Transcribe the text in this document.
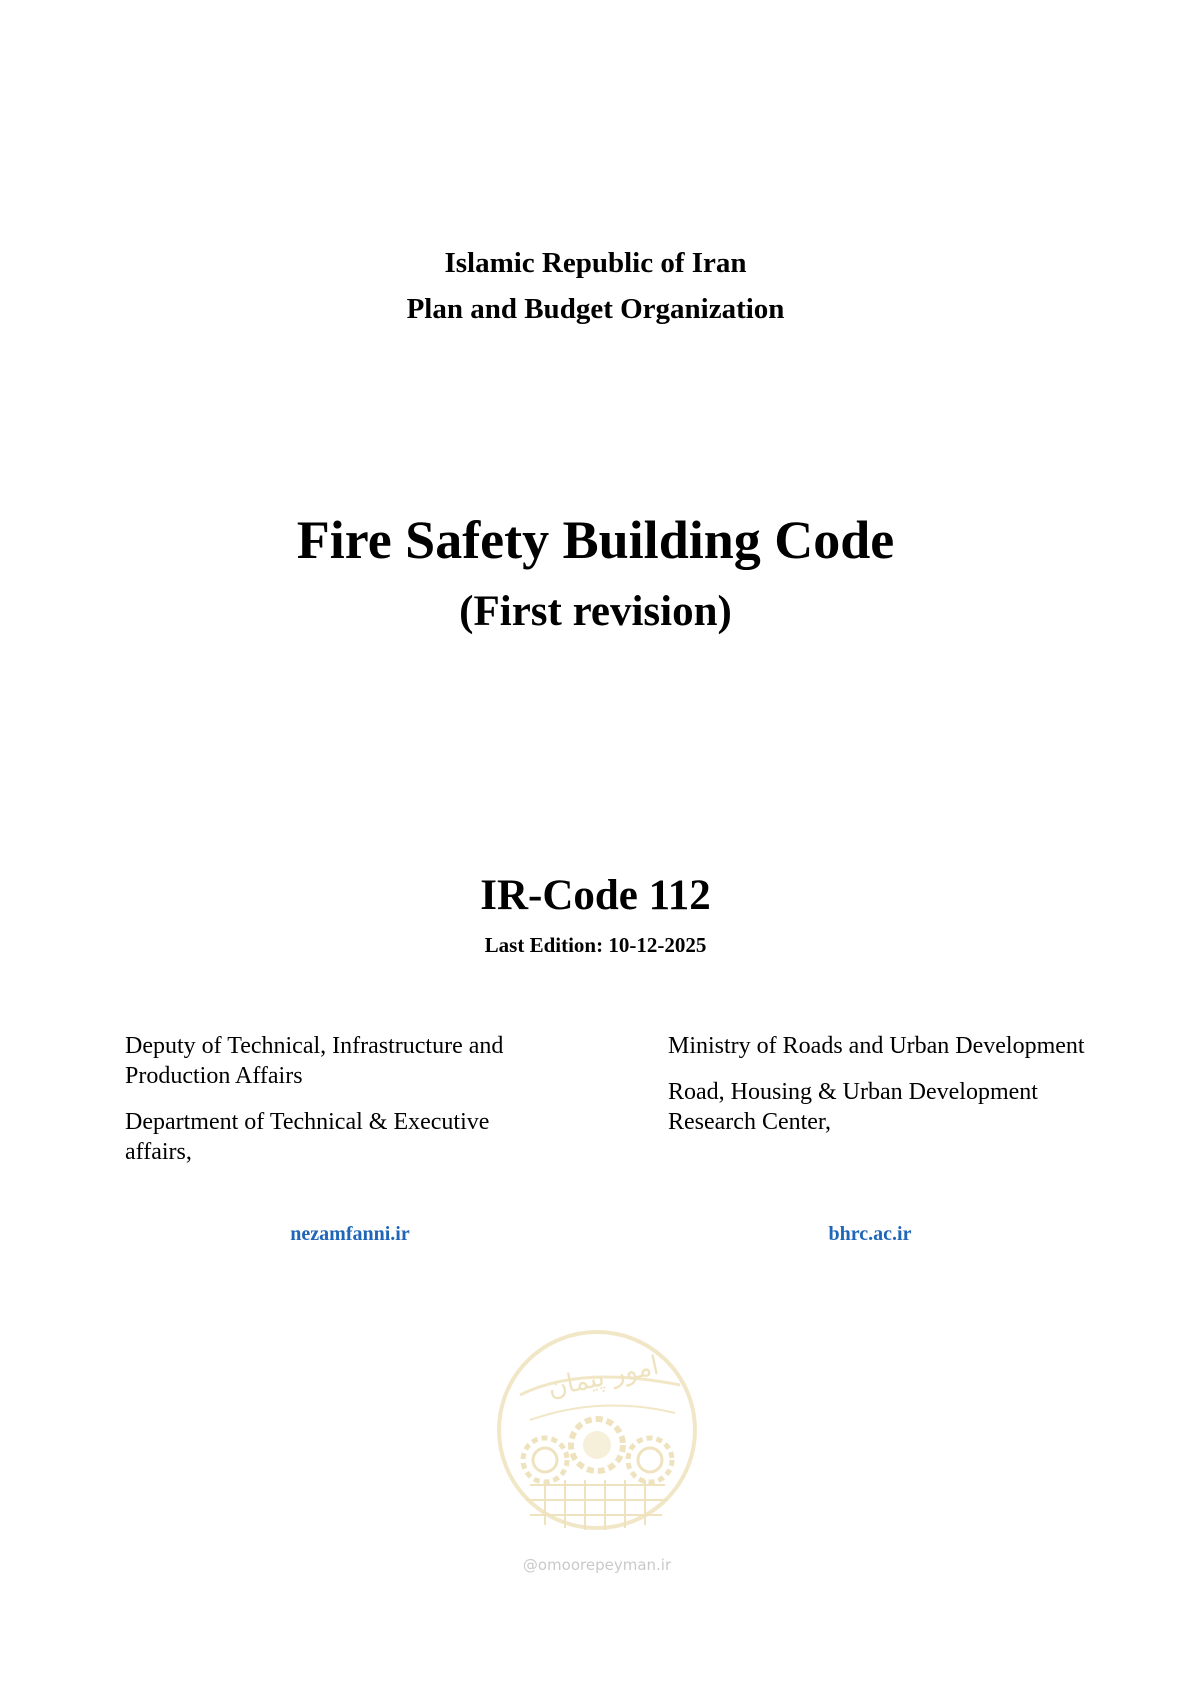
Islamic Republic of Iran
Plan and Budget Organization
Fire Safety Building Code
(First revision)
IR-Code 112
Last Edition: 10-12-2025

Deputy of Technical, Infrastructure and Production Affairs

Department of Technical & Executive affairs,

Ministry of Roads and Urban Development

Road, Housing & Urban Development Research Center,

nezamfanni.ir	bhrc.ac.ir
امور پیمان
@omoorepeyman.ir
